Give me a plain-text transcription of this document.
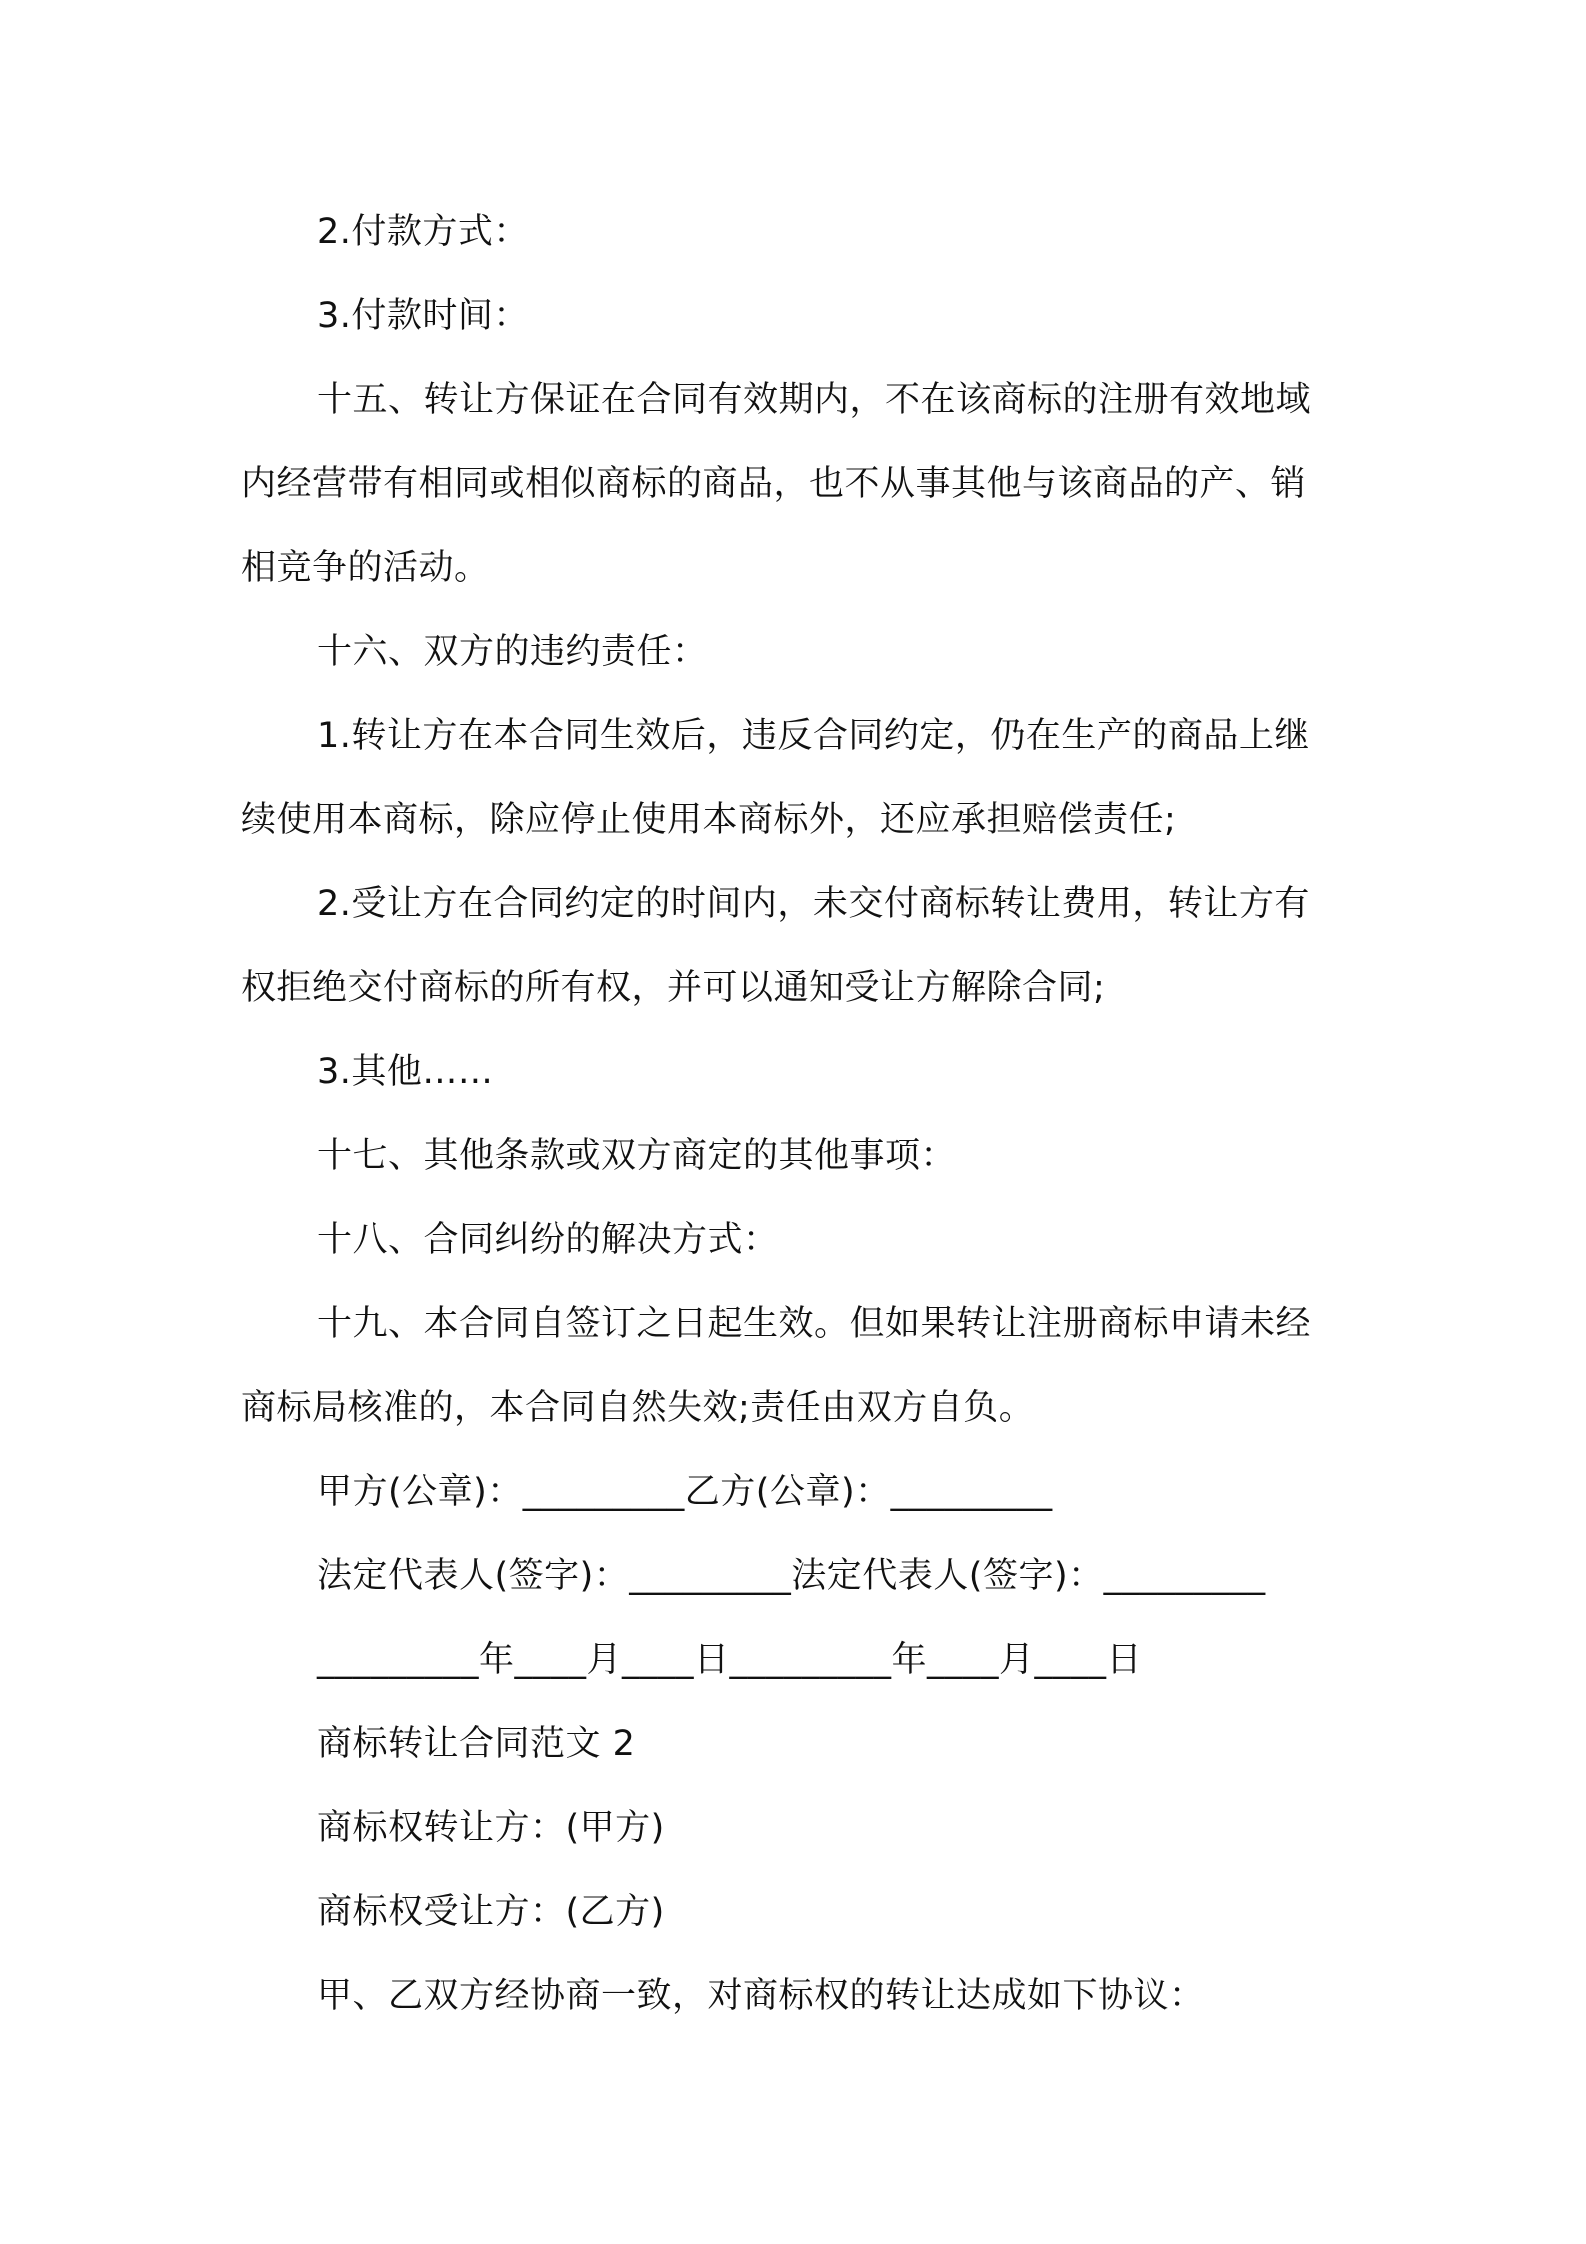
2.付款方式：
3.付款时间：
十五、转让方保证在合同有效期内，不在该商标的注册有效地域
内经营带有相同或相似商标的商品，也不从事其他与该商品的产、销
相竞争的活动。
十六、双方的违约责任：
1.转让方在本合同生效后，违反合同约定，仍在生产的商品上继
续使用本商标，除应停止使用本商标外，还应承担赔偿责任;
2.受让方在合同约定的时间内，未交付商标转让费用，转让方有
权拒绝交付商标的所有权，并可以通知受让方解除合同;
3.其他……
十七、其他条款或双方商定的其他事项：
十八、合同纠纷的解决方式：
十九、本合同自签订之日起生效。但如果转让注册商标申请未经
商标局核准的，本合同自然失效;责任由双方自负。
甲方(公章)：_________乙方(公章)：_________
法定代表人(签字)：_________法定代表人(签字)：_________
_________年____月____日_________年____月____日
商标转让合同范文 2
商标权转让方：(甲方)
商标权受让方：(乙方)
甲、乙双方经协商一致，对商标权的转让达成如下协议：
